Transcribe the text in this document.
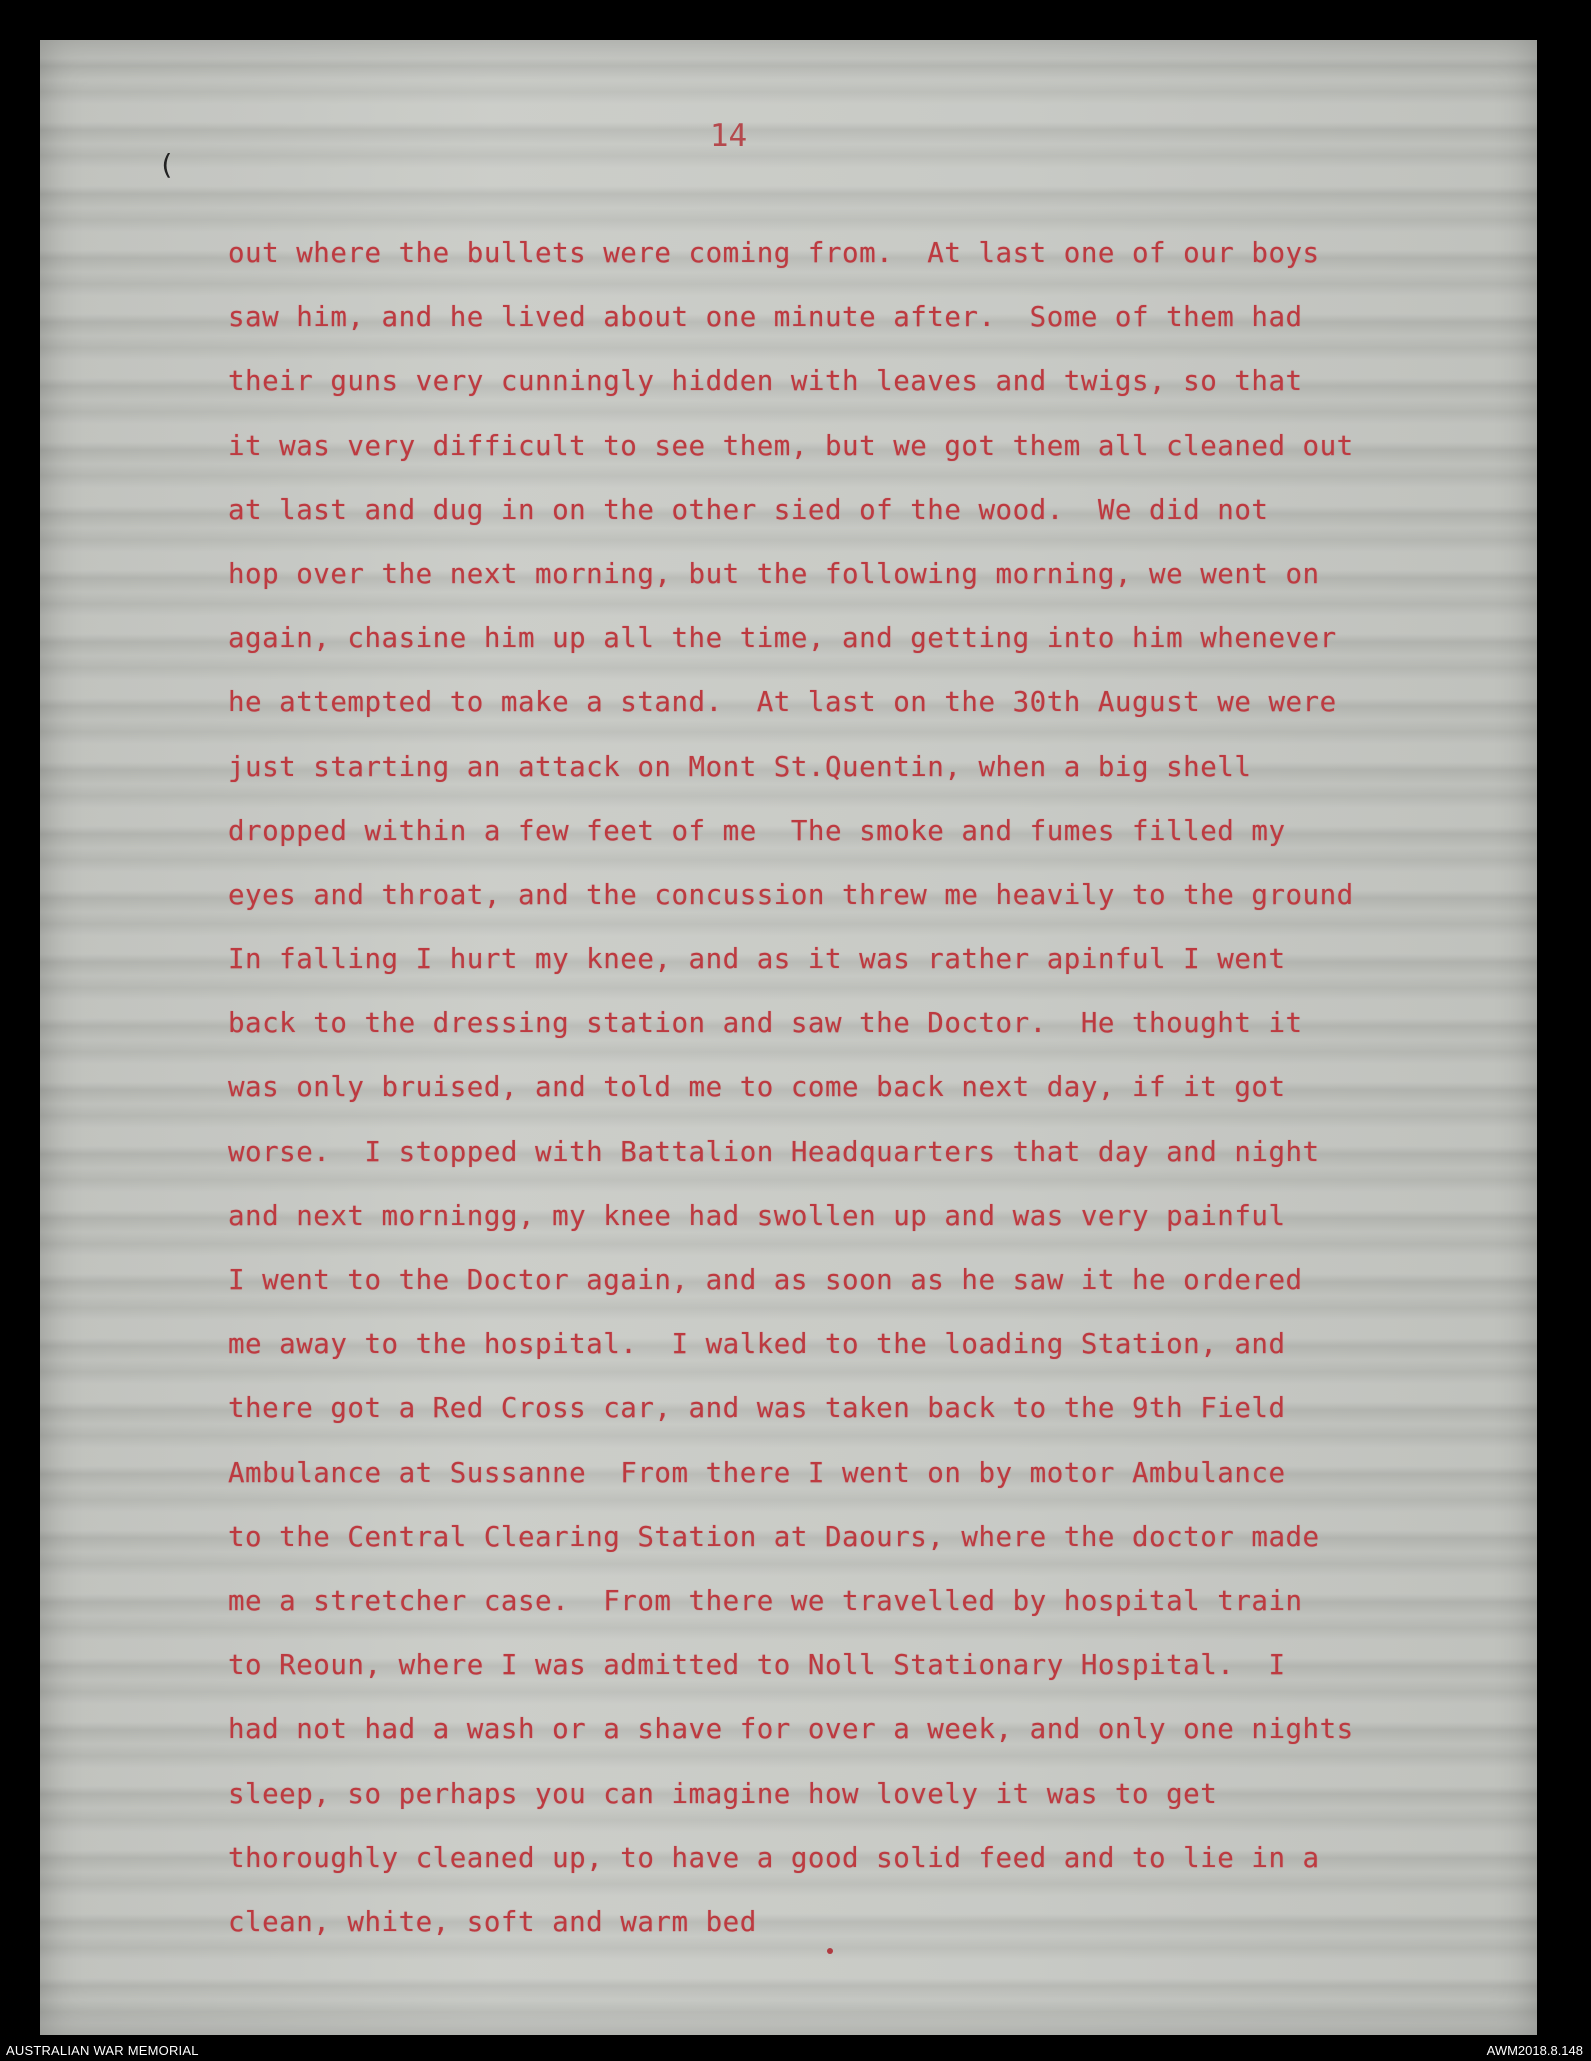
14
(
out where the bullets were coming from.  At last one of our boys
saw him, and he lived about one minute after.  Some of them had
their guns very cunningly hidden with leaves and twigs, so that
it was very difficult to see them, but we got them all cleaned out
at last and dug in on the other sied of the wood.  We did not
hop over the next morning, but the following morning, we went on
again, chasine him up all the time, and getting into him whenever
he attempted to make a stand.  At last on the 30th August we were
just starting an attack on Mont St.Quentin, when a big shell
dropped within a few feet of me  The smoke and fumes filled my
eyes and throat, and the concussion threw me heavily to the ground
In falling I hurt my knee, and as it was rather apinful I went
back to the dressing station and saw the Doctor.  He thought it
was only bruised, and told me to come back next day, if it got
worse.  I stopped with Battalion Headquarters that day and night
and next morningg, my knee had swollen up and was very painful
I went to the Doctor again, and as soon as he saw it he ordered
me away to the hospital.  I walked to the loading Station, and
there got a Red Cross car, and was taken back to the 9th Field
Ambulance at Sussanne  From there I went on by motor Ambulance
to the Central Clearing Station at Daours, where the doctor made
me a stretcher case.  From there we travelled by hospital train
to Reoun, where I was admitted to Noll Stationary Hospital.  I
had not had a wash or a shave for over a week, and only one nights
sleep, so perhaps you can imagine how lovely it was to get
thoroughly cleaned up, to have a good solid feed and to lie in a
clean, white, soft and warm bed
AUSTRALIAN WAR MEMORIAL	AWM2018.8.148
